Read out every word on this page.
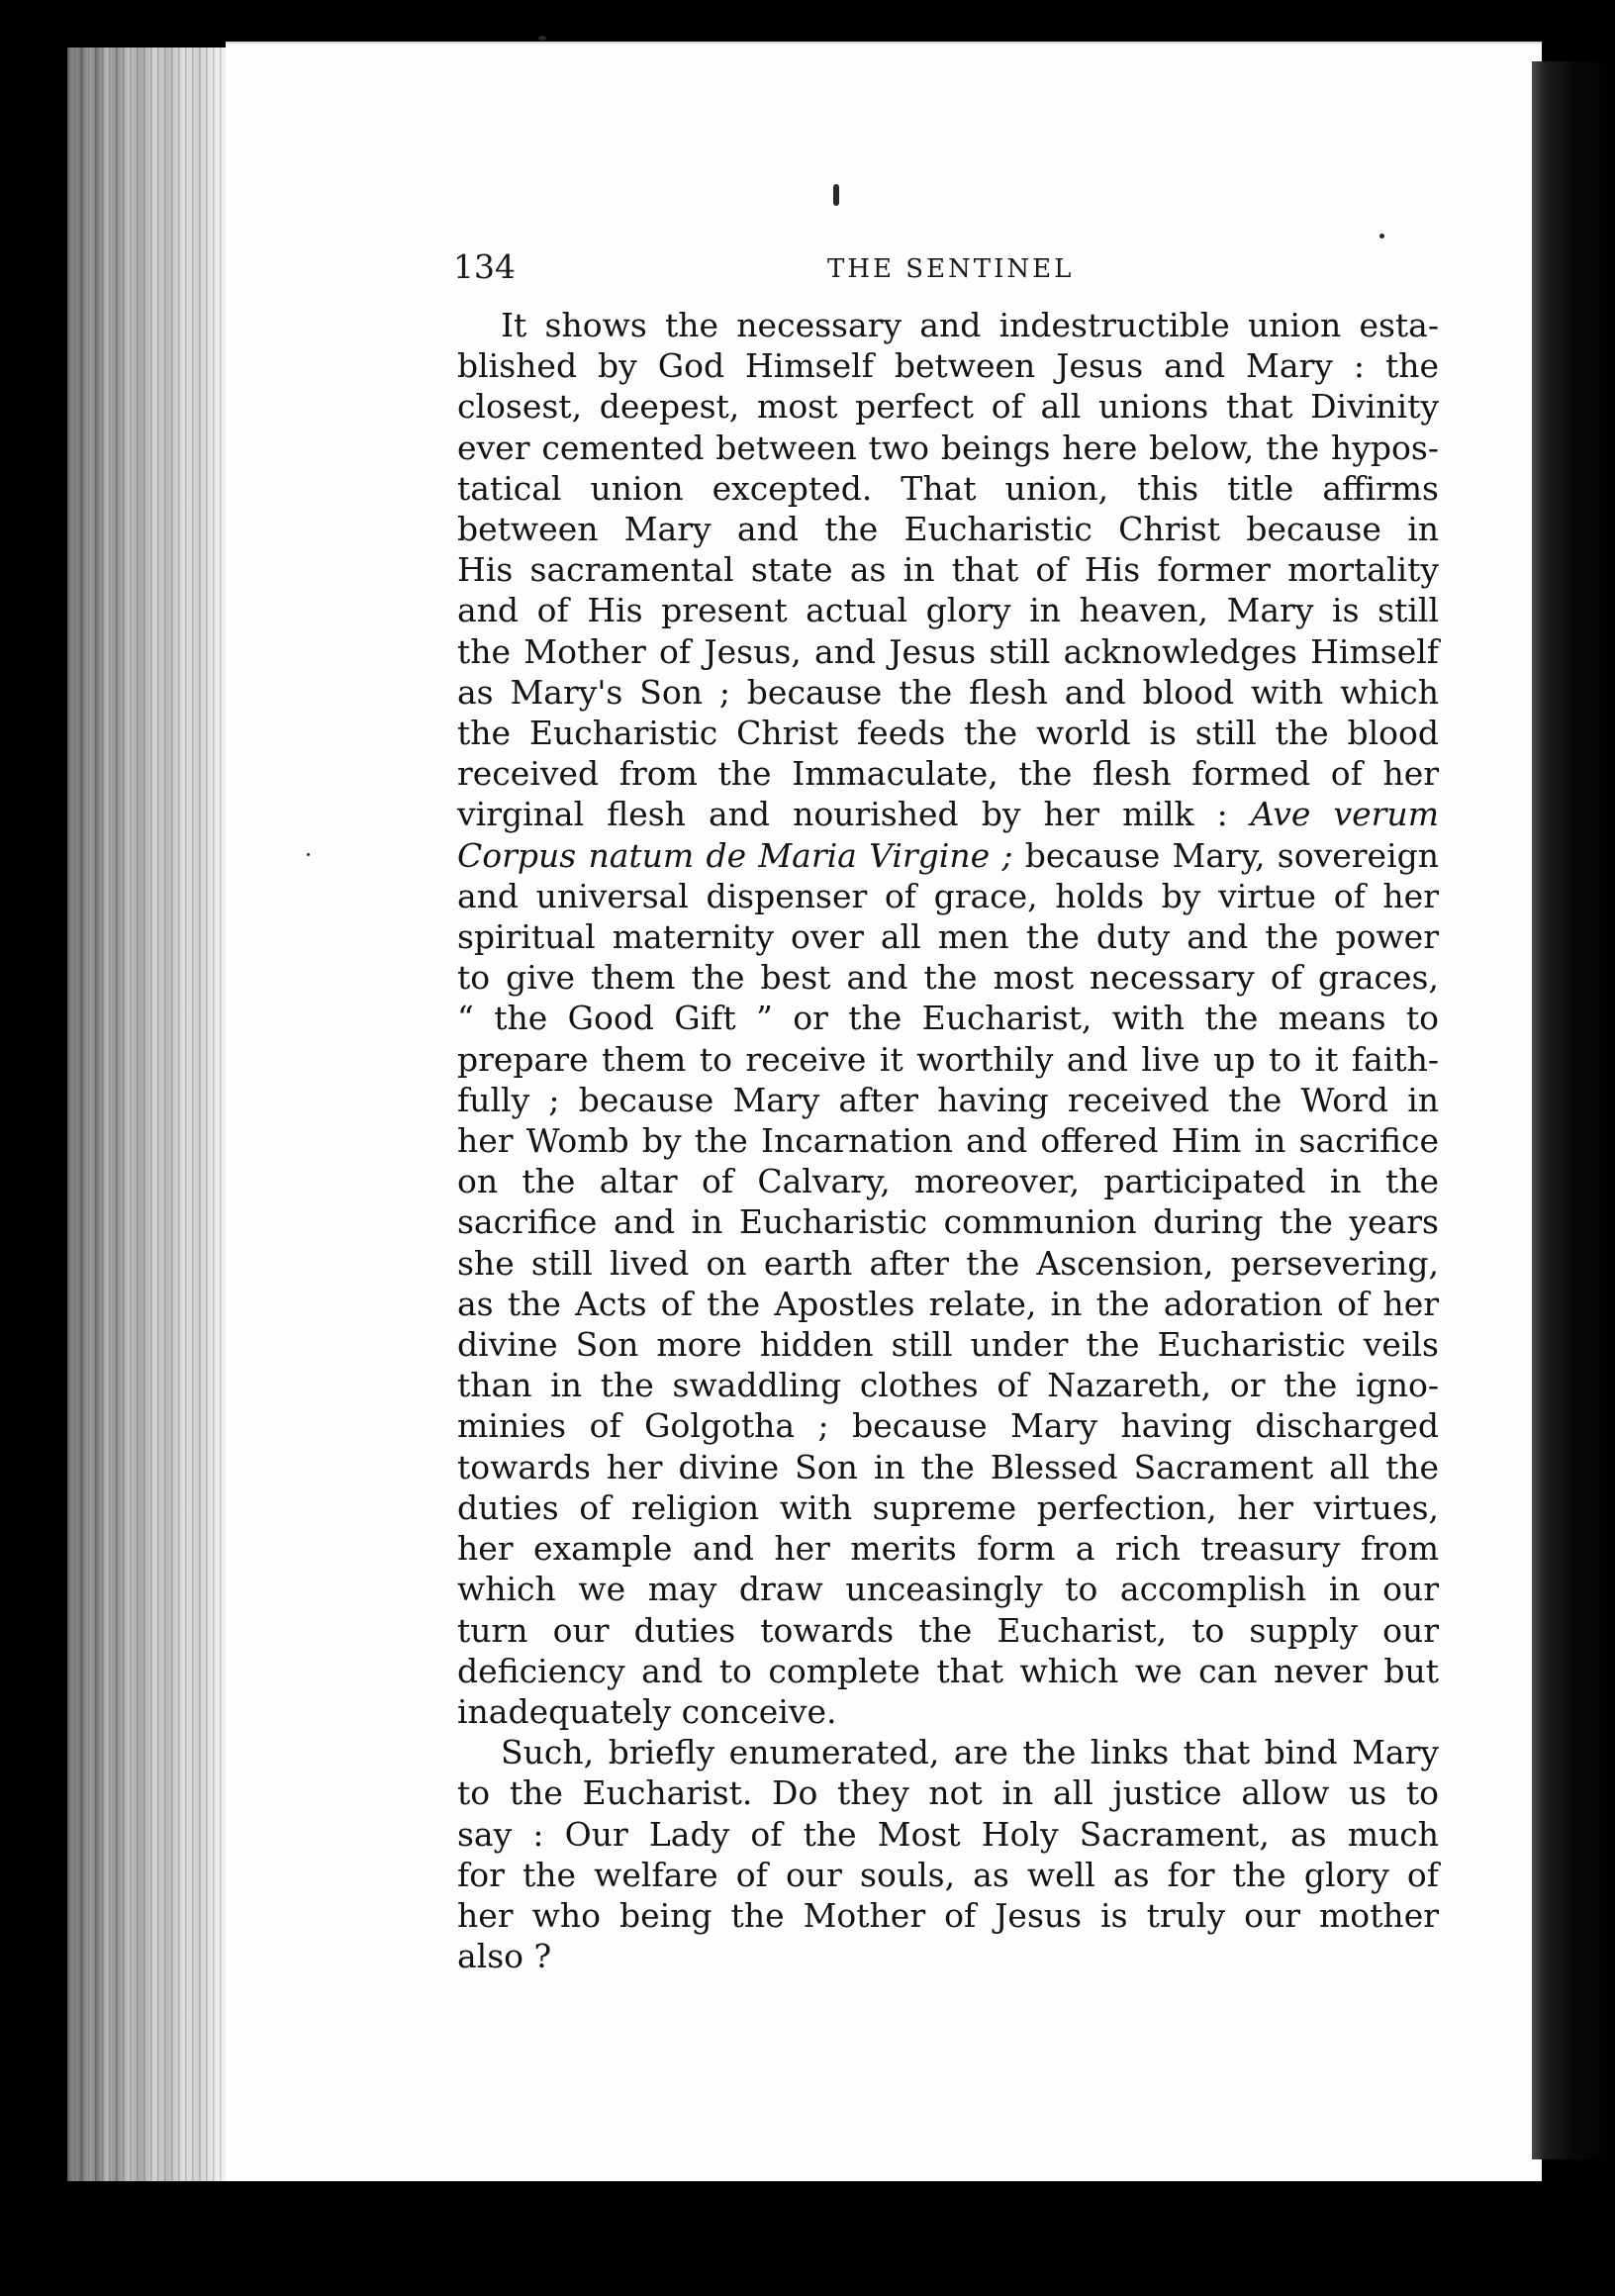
134	THE SENTINEL
It shows the necessary and indestructible union esta-
blished by God Himself between Jesus and Mary : the
closest, deepest, most perfect of all unions that Divinity
ever cemented between two beings here below, the hypos-
tatical union excepted. That union, this title affirms
between Mary and the Eucharistic Christ because in
His sacramental state as in that of His former mortality
and of His present actual glory in heaven, Mary is still
the Mother of Jesus, and Jesus still acknowledges Himself
as Mary's Son ; because the flesh and blood with which
the Eucharistic Christ feeds the world is still the blood
received from the Immaculate, the flesh formed of her
virginal flesh and nourished by her milk : Ave verum
Corpus natum de Maria Virgine ; because Mary, sovereign
and universal dispenser of grace, holds by virtue of her
spiritual maternity over all men the duty and the power
to give them the best and the most necessary of graces,
“ the Good Gift ” or the Eucharist, with the means to
prepare them to receive it worthily and live up to it faith-
fully ; because Mary after having received the Word in
her Womb by the Incarnation and offered Him in sacrifice
on the altar of Calvary, moreover, participated in the
sacrifice and in Eucharistic communion during the years
she still lived on earth after the Ascension, persevering,
as the Acts of the Apostles relate, in the adoration of her
divine Son more hidden still under the Eucharistic veils
than in the swaddling clothes of Nazareth, or the igno-
minies of Golgotha ; because Mary having discharged
towards her divine Son in the Blessed Sacrament all the
duties of religion with supreme perfection, her virtues,
her example and her merits form a rich treasury from
which we may draw unceasingly to accomplish in our
turn our duties towards the Eucharist, to supply our
deficiency and to complete that which we can never but
inadequately conceive.
Such, briefly enumerated, are the links that bind Mary
to the Eucharist. Do they not in all justice allow us to
say : Our Lady of the Most Holy Sacrament, as much
for the welfare of our souls, as well as for the glory of
her who being the Mother of Jesus is truly our mother
also ?
